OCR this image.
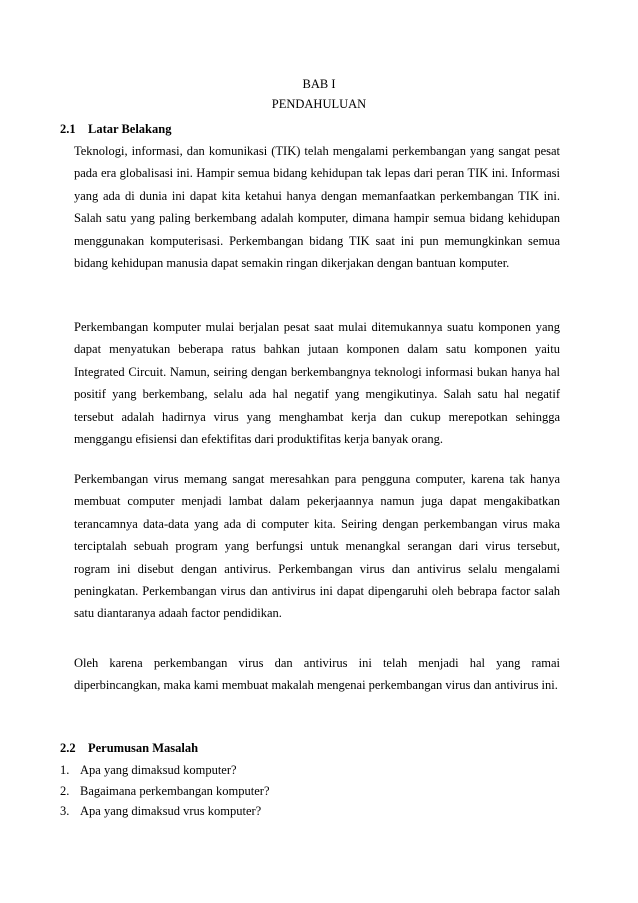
BAB I
PENDAHULUAN
2.1 Latar Belakang

Teknologi, informasi, dan komunikasi (TIK) telah mengalami perkembangan yang sangat pesat pada era globalisasi ini. Hampir semua bidang kehidupan tak lepas dari peran TIK ini. Informasi yang ada di dunia ini dapat kita ketahui hanya dengan memanfaatkan perkembangan TIK ini. Salah satu yang paling berkembang adalah komputer, dimana hampir semua bidang kehidupan menggunakan komputerisasi. Perkembangan bidang TIK saat ini pun memungkinkan semua bidang kehidupan manusia dapat semakin ringan dikerjakan dengan bantuan komputer.

Perkembangan komputer mulai berjalan pesat saat mulai ditemukannya suatu komponen yang dapat menyatukan beberapa ratus bahkan jutaan komponen dalam satu komponen yaitu Integrated Circuit. Namun, seiring dengan berkembangnya teknologi informasi bukan hanya hal positif yang berkembang, selalu ada hal negatif yang mengikutinya. Salah satu hal negatif tersebut adalah hadirnya virus yang menghambat kerja dan cukup merepotkan sehingga menggangu efisiensi dan efektifitas dari produktifitas kerja banyak orang.

Perkembangan virus memang sangat meresahkan para pengguna computer, karena tak hanya membuat computer menjadi lambat dalam pekerjaannya namun juga dapat mengakibatkan terancamnya data-data yang ada di computer kita. Seiring dengan perkembangan virus maka terciptalah sebuah program yang berfungsi untuk menangkal serangan dari virus tersebut, rogram ini disebut dengan antivirus. Perkembangan virus dan antivirus selalu mengalami peningkatan. Perkembangan virus dan antivirus ini dapat dipengaruhi oleh bebrapa factor salah satu diantaranya adaah factor pendidikan.

Oleh karena perkembangan virus dan antivirus ini telah menjadi hal yang ramai diperbincangkan, maka kami membuat makalah mengenai perkembangan virus dan antivirus ini.

2.2 Perumusan Masalah
1. Apa yang dimaksud komputer?
2. Bagaimana perkembangan komputer?
3. Apa yang dimaksud vrus komputer?
